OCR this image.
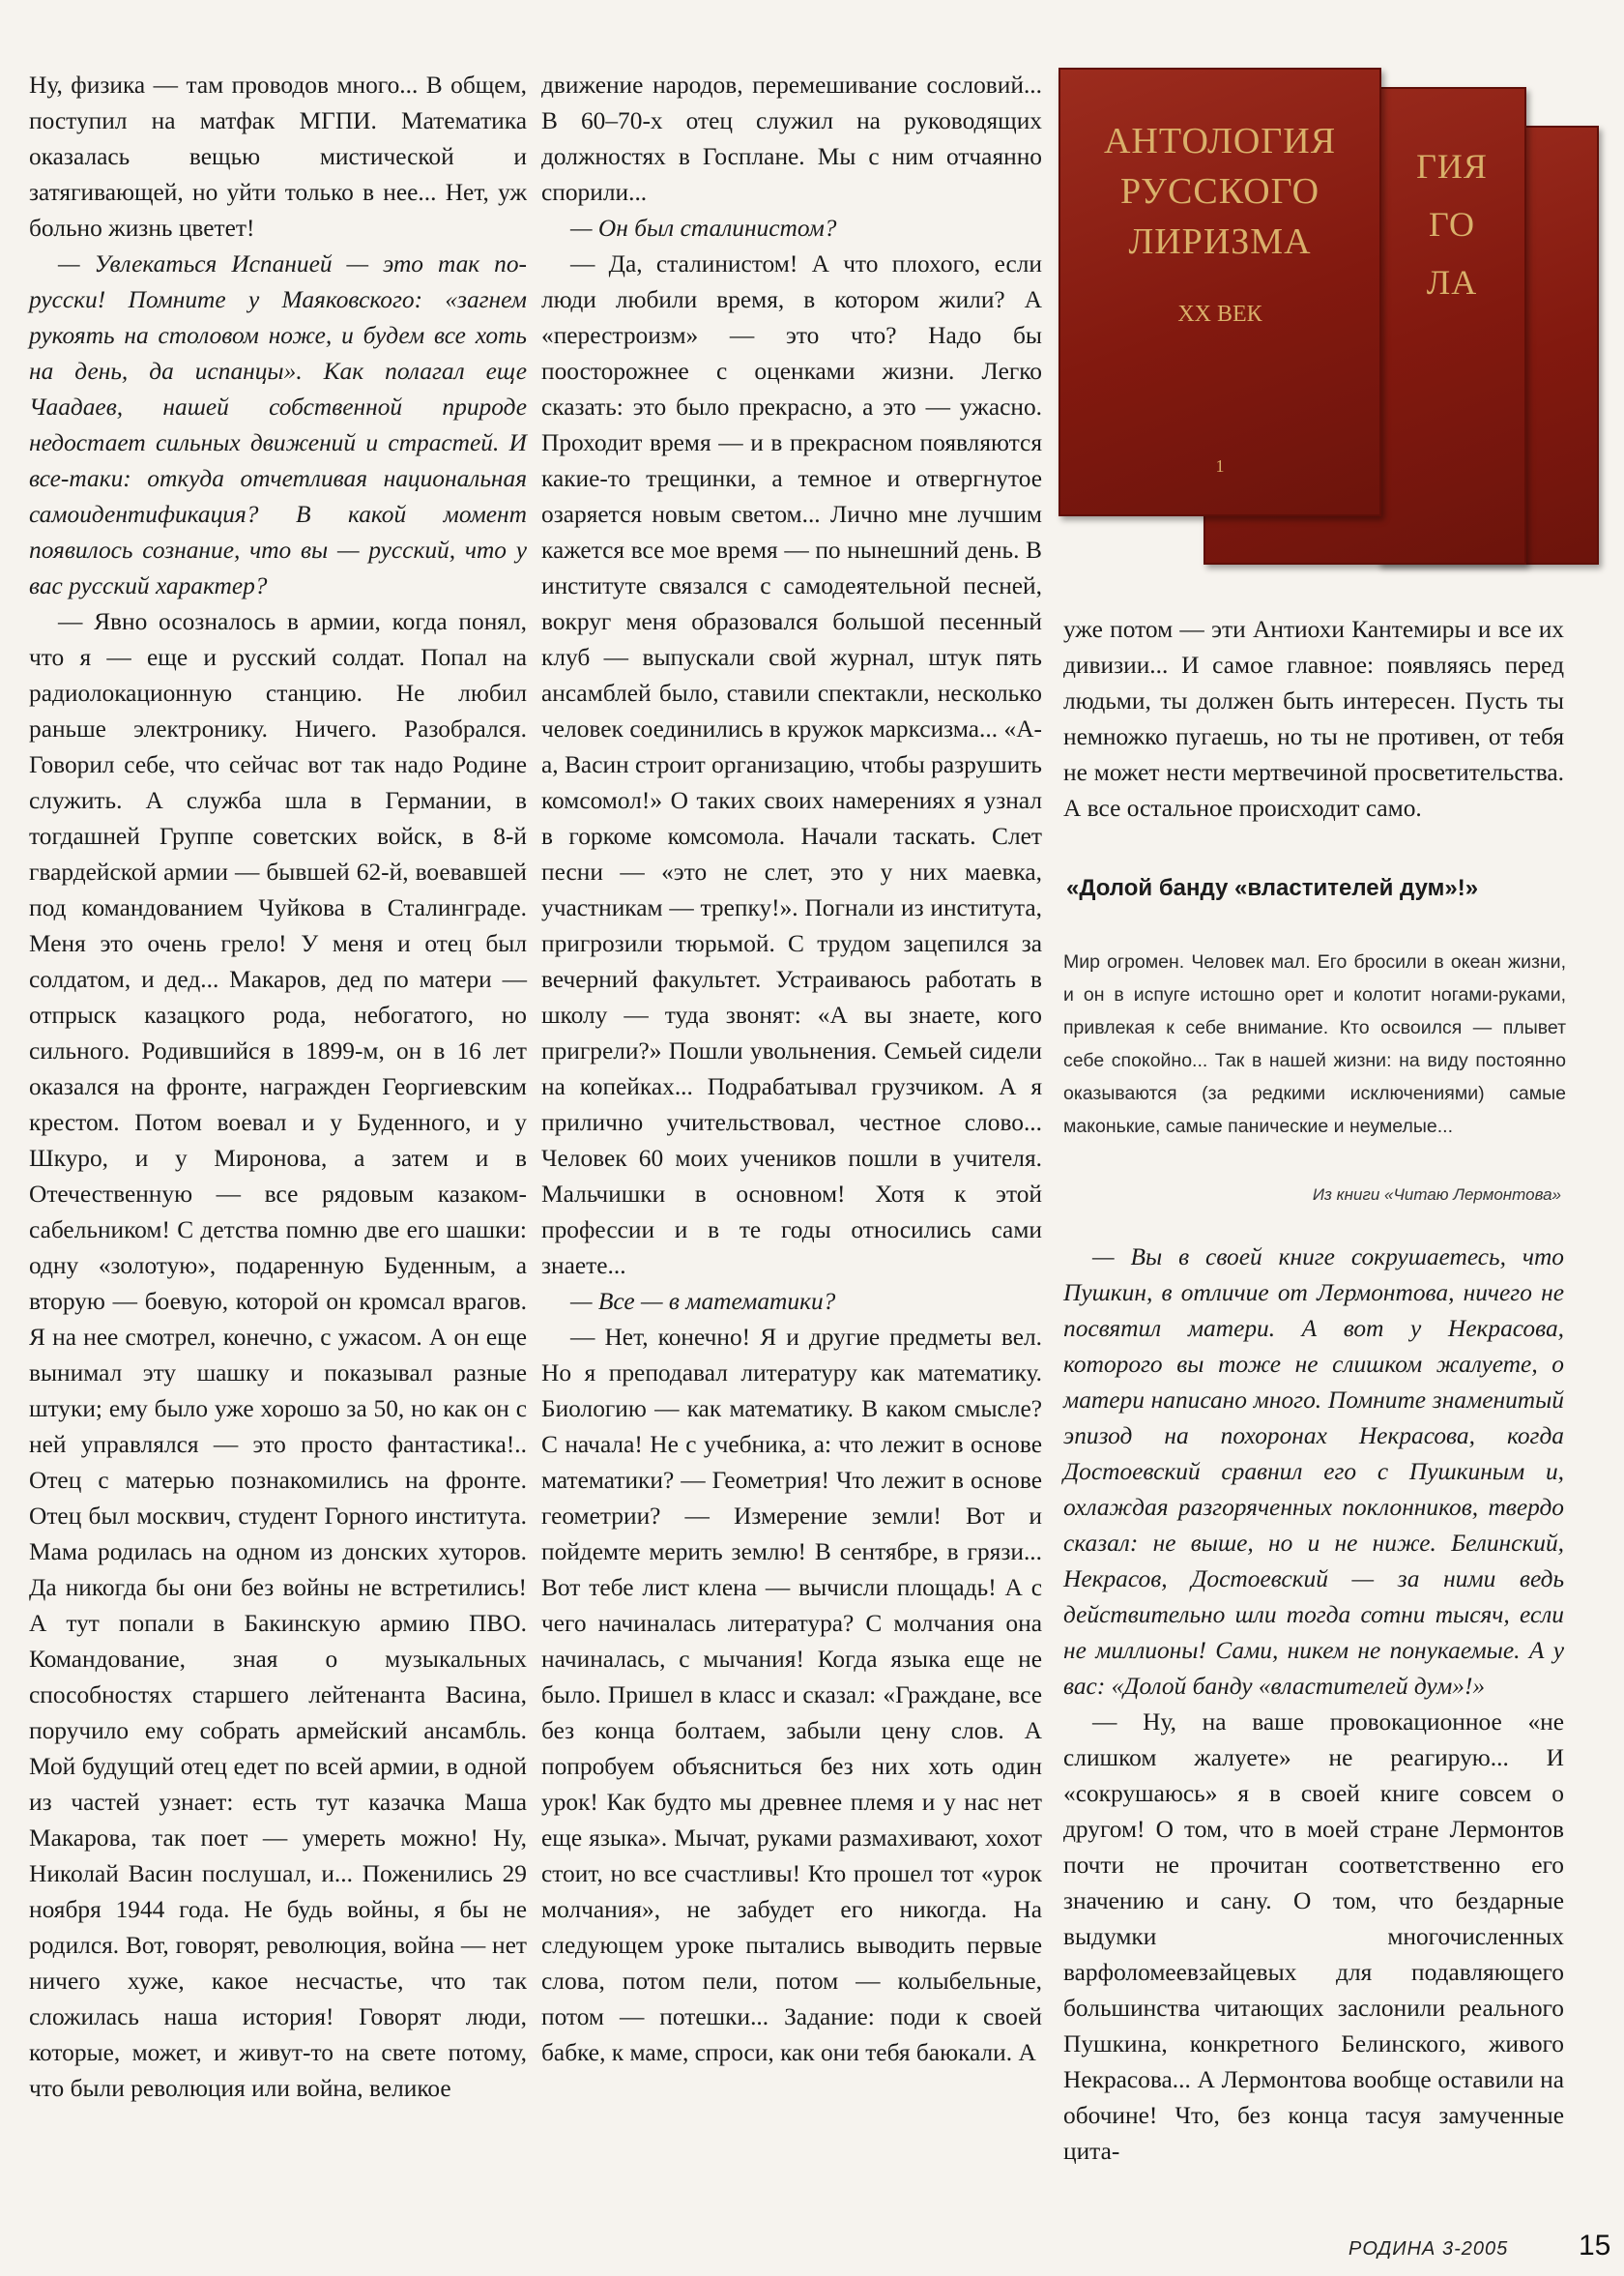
Ну, физика — там проводов много... В общем, поступил на матфак МГПИ. Математика оказалась вещью мистической и затягивающей, но уйти только в нее... Нет, уж больно жизнь цветет!

— Увлекаться Испанией — это так по-русски! Помните у Маяковского: «загнем рукоять на столовом ноже, и будем все хоть на день, да испанцы». Как полагал еще Чаадаев, нашей собственной природе недостает сильных движений и страстей. И все-таки: откуда отчетливая национальная самоидентификация? В какой момент появилось сознание, что вы — русский, что у вас русский характер?

— Явно осозналось в армии, когда понял, что я — еще и русский солдат. Попал на радиолокационную станцию. Не любил раньше электронику. Ничего. Разобрался. Говорил себе, что сейчас вот так надо Родине служить. А служба шла в Германии, в тогдашней Группе советских войск, в 8-й гвардейской армии — бывшей 62-й, воевавшей под командованием Чуйкова в Сталинграде. Меня это очень грело! У меня и отец был солдатом, и дед... Макаров, дед по матери — отпрыск казацкого рода, небогатого, но сильного. Родившийся в 1899-м, он в 16 лет оказался на фронте, награжден Георгиевским крестом. Потом воевал и у Буденного, и у Шкуро, и у Миронова, а затем и в Отечественную — все рядовым казаком-сабельником! С детства помню две его шашки: одну «золотую», подаренную Буденным, а вторую — боевую, которой он кромсал врагов. Я на нее смотрел, конечно, с ужасом. А он еще вынимал эту шашку и показывал разные штуки; ему было уже хорошо за 50, но как он с ней управлялся — это просто фантастика!.. Отец с матерью познакомились на фронте. Отец был москвич, студент Горного института. Мама родилась на одном из донских хуторов. Да никогда бы они без войны не встретились! А тут попали в Бакинскую армию ПВО. Командование, зная о музыкальных способностях старшего лейтенанта Васина, поручило ему собрать армейский ансамбль. Мой будущий отец едет по всей армии, в одной из частей узнает: есть тут казачка Маша Макарова, так поет — умереть можно! Ну, Николай Васин послушал, и... Поженились 29 ноября 1944 года. Не будь войны, я бы не родился. Вот, говорят, революция, война — нет ничего хуже, какое несчастье, что так сложилась наша история! Говорят люди, которые, может, и живут-то на свете потому, что были революция или война, великое

движение народов, перемешивание сословий... В 60–70-х отец служил на руководящих должностях в Госплане. Мы с ним отчаянно спорили...

— Он был сталинистом?

— Да, сталинистом! А что плохого, если люди любили время, в котором жили? А «перестроизм» — это что? Надо бы поосторожнее с оценками жизни. Легко сказать: это было прекрасно, а это — ужасно. Проходит время — и в прекрасном появляются какие-то трещинки, а темное и отвергнутое озаряется новым светом... Лично мне лучшим кажется все мое время — по нынешний день. В институте связался с самодеятельной песней, вокруг меня образовался большой песенный клуб — выпускали свой журнал, штук пять ансамблей было, ставили спектакли, несколько человек соединились в кружок марксизма... «А-а, Васин строит организацию, чтобы разрушить комсомол!» О таких своих намерениях я узнал в горкоме комсомола. Начали таскать. Слет песни — «это не слет, это у них маевка, участникам — трепку!». Погнали из института, пригрозили тюрьмой. С трудом зацепился за вечерний факультет. Устраиваюсь работать в школу — туда звонят: «А вы знаете, кого пригрели?» Пошли увольнения. Семьей сидели на копейках... Подрабатывал грузчиком. А я прилично учительствовал, честное слово... Человек 60 моих учеников пошли в учителя. Мальчишки в основном! Хотя к этой профессии и в те годы относились сами знаете...

— Все — в математики?

— Нет, конечно! Я и другие предметы вел. Но я преподавал литературу как математику. Биологию — как математику. В каком смысле? С начала! Не с учебника, а: что лежит в основе математики? — Геометрия! Что лежит в основе геометрии? — Измерение земли! Вот и пойдемте мерить землю! В сентябре, в грязи... Вот тебе лист клена — вычисли площадь! А с чего начиналась литература? С молчания она начиналась, с мычания! Когда языка еще не было. Пришел в класс и сказал: «Граждане, все без конца болтаем, забыли цену слов. А попробуем объясниться без них хоть один урок! Как будто мы древнее племя и у нас нет еще языка». Мычат, руками размахивают, хохот стоит, но все счастливы! Кто прошел тот «урок молчания», не забудет его никогда. На следующем уроке пытались выводить первые слова, потом пели, потом — колыбельные, потом — потешки... Задание: поди к своей бабке, к маме, спроси, как они тебя баюкали. А

ГИЯ ГО ЛА
АНТОЛОГИЯ РУССКОГО ЛИРИЗМА
XX ВЕК
1

уже потом — эти Антиохи Кантемиры и все их дивизии... И самое главное: появляясь перед людьми, ты должен быть интересен. Пусть ты немножко пугаешь, но ты не противен, от тебя не может нести мертвечиной просветительства. А все остальное происходит само.

«Долой банду «властителей дум»!»
Мир огромен. Человек мал. Его бросили в океан жизни, и он в испуге истошно орет и колотит ногами-руками, привлекая к себе внимание. Кто освоился — плывет себе спокойно... Так в нашей жизни: на виду постоянно оказываются (за редкими исключениями) самые маконькие, самые панические и неумелые...
Из книги «Читаю Лермонтова»

— Вы в своей книге сокрушаетесь, что Пушкин, в отличие от Лермонтова, ничего не посвятил матери. А вот у Некрасова, которого вы тоже не слишком жалуете, о матери написано много. Помните знаменитый эпизод на похоронах Некрасова, когда Достоевский сравнил его с Пушкиным и, охлаждая разгоряченных поклонников, твердо сказал: не выше, но и не ниже. Белинский, Некрасов, Достоевский — за ними ведь действительно шли тогда сотни тысяч, если не миллионы! Сами, никем не понукаемые. А у вас: «Долой банду «властителей дум»!»

— Ну, на ваше провокационное «не слишком жалуете» не реагирую... И «сокрушаюсь» я в своей книге совсем о другом! О том, что в моей стране Лермонтов почти не прочитан соответственно его значению и сану. О том, что бездарные выдумки многочисленных варфоломеевзайцевых для подавляющего большинства читающих заслонили реального Пушкина, конкретного Белинского, живого Некрасова... А Лермонтова вообще оставили на обочине! Что, без конца тасуя замученные цита-

РОДИНА 3-2005 15
